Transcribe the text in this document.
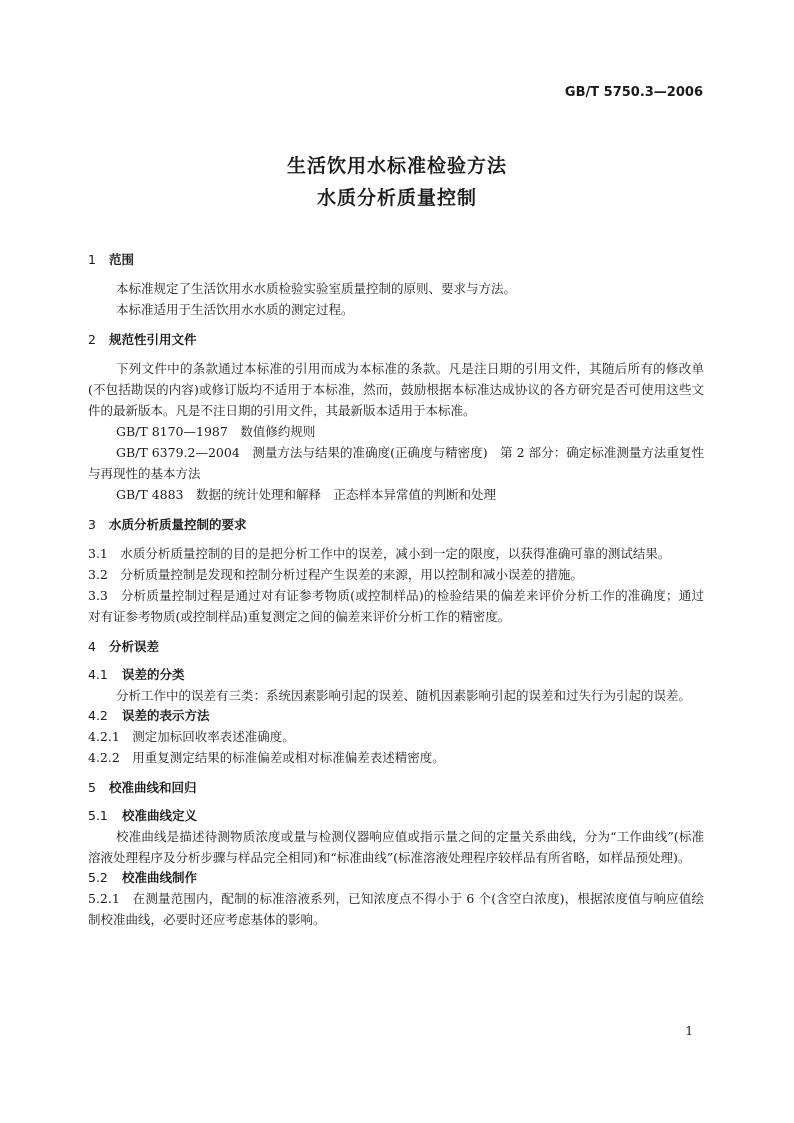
GB/T 5750.3—2006
生活饮用水标准检验方法
水质分析质量控制
1 范围

本标准规定了生活饮用水水质检验实验室质量控制的原则、要求与方法。

本标准适用于生活饮用水水质的测定过程。

2 规范性引用文件

下列文件中的条款通过本标准的引用而成为本标准的条款。凡是注日期的引用文件，其随后所有的修改单(不包括勘误的内容)或修订版均不适用于本标准，然而，鼓励根据本标准达成协议的各方研究是否可使用这些文件的最新版本。凡是不注日期的引用文件，其最新版本适用于本标准。

GB/T 8170—1987　数值修约规则

GB/T 6379.2—2004　测量方法与结果的准确度(正确度与精密度)　第 2 部分：确定标准测量方法重复性与再现性的基本方法

GB/T 4883　数据的统计处理和解释　正态样本异常值的判断和处理

3 水质分析质量控制的要求

3.1　水质分析质量控制的目的是把分析工作中的误差，减小到一定的限度，以获得准确可靠的测试结果。

3.2　分析质量控制是发现和控制分析过程产生误差的来源，用以控制和减小误差的措施。

3.3　分析质量控制过程是通过对有证参考物质(或控制样品)的检验结果的偏差来评价分析工作的准确度；通过对有证参考物质(或控制样品)重复测定之间的偏差来评价分析工作的精密度。

4 分析误差
4.1 误差的分类

分析工作中的误差有三类：系统因素影响引起的误差、随机因素影响引起的误差和过失行为引起的误差。

4.2 误差的表示方法

4.2.1　测定加标回收率表述准确度。

4.2.2　用重复测定结果的标准偏差或相对标准偏差表述精密度。

5 校准曲线和回归
5.1 校准曲线定义

校准曲线是描述待测物质浓度或量与检测仪器响应值或指示量之间的定量关系曲线，分为“工作曲线”(标准溶液处理程序及分析步骤与样品完全相同)和“标准曲线”(标准溶液处理程序较样品有所省略，如样品预处理)。

5.2 校准曲线制作

5.2.1　在测量范围内，配制的标准溶液系列，已知浓度点不得小于 6 个(含空白浓度)，根据浓度值与响应值绘制校准曲线，必要时还应考虑基体的影响。

1
